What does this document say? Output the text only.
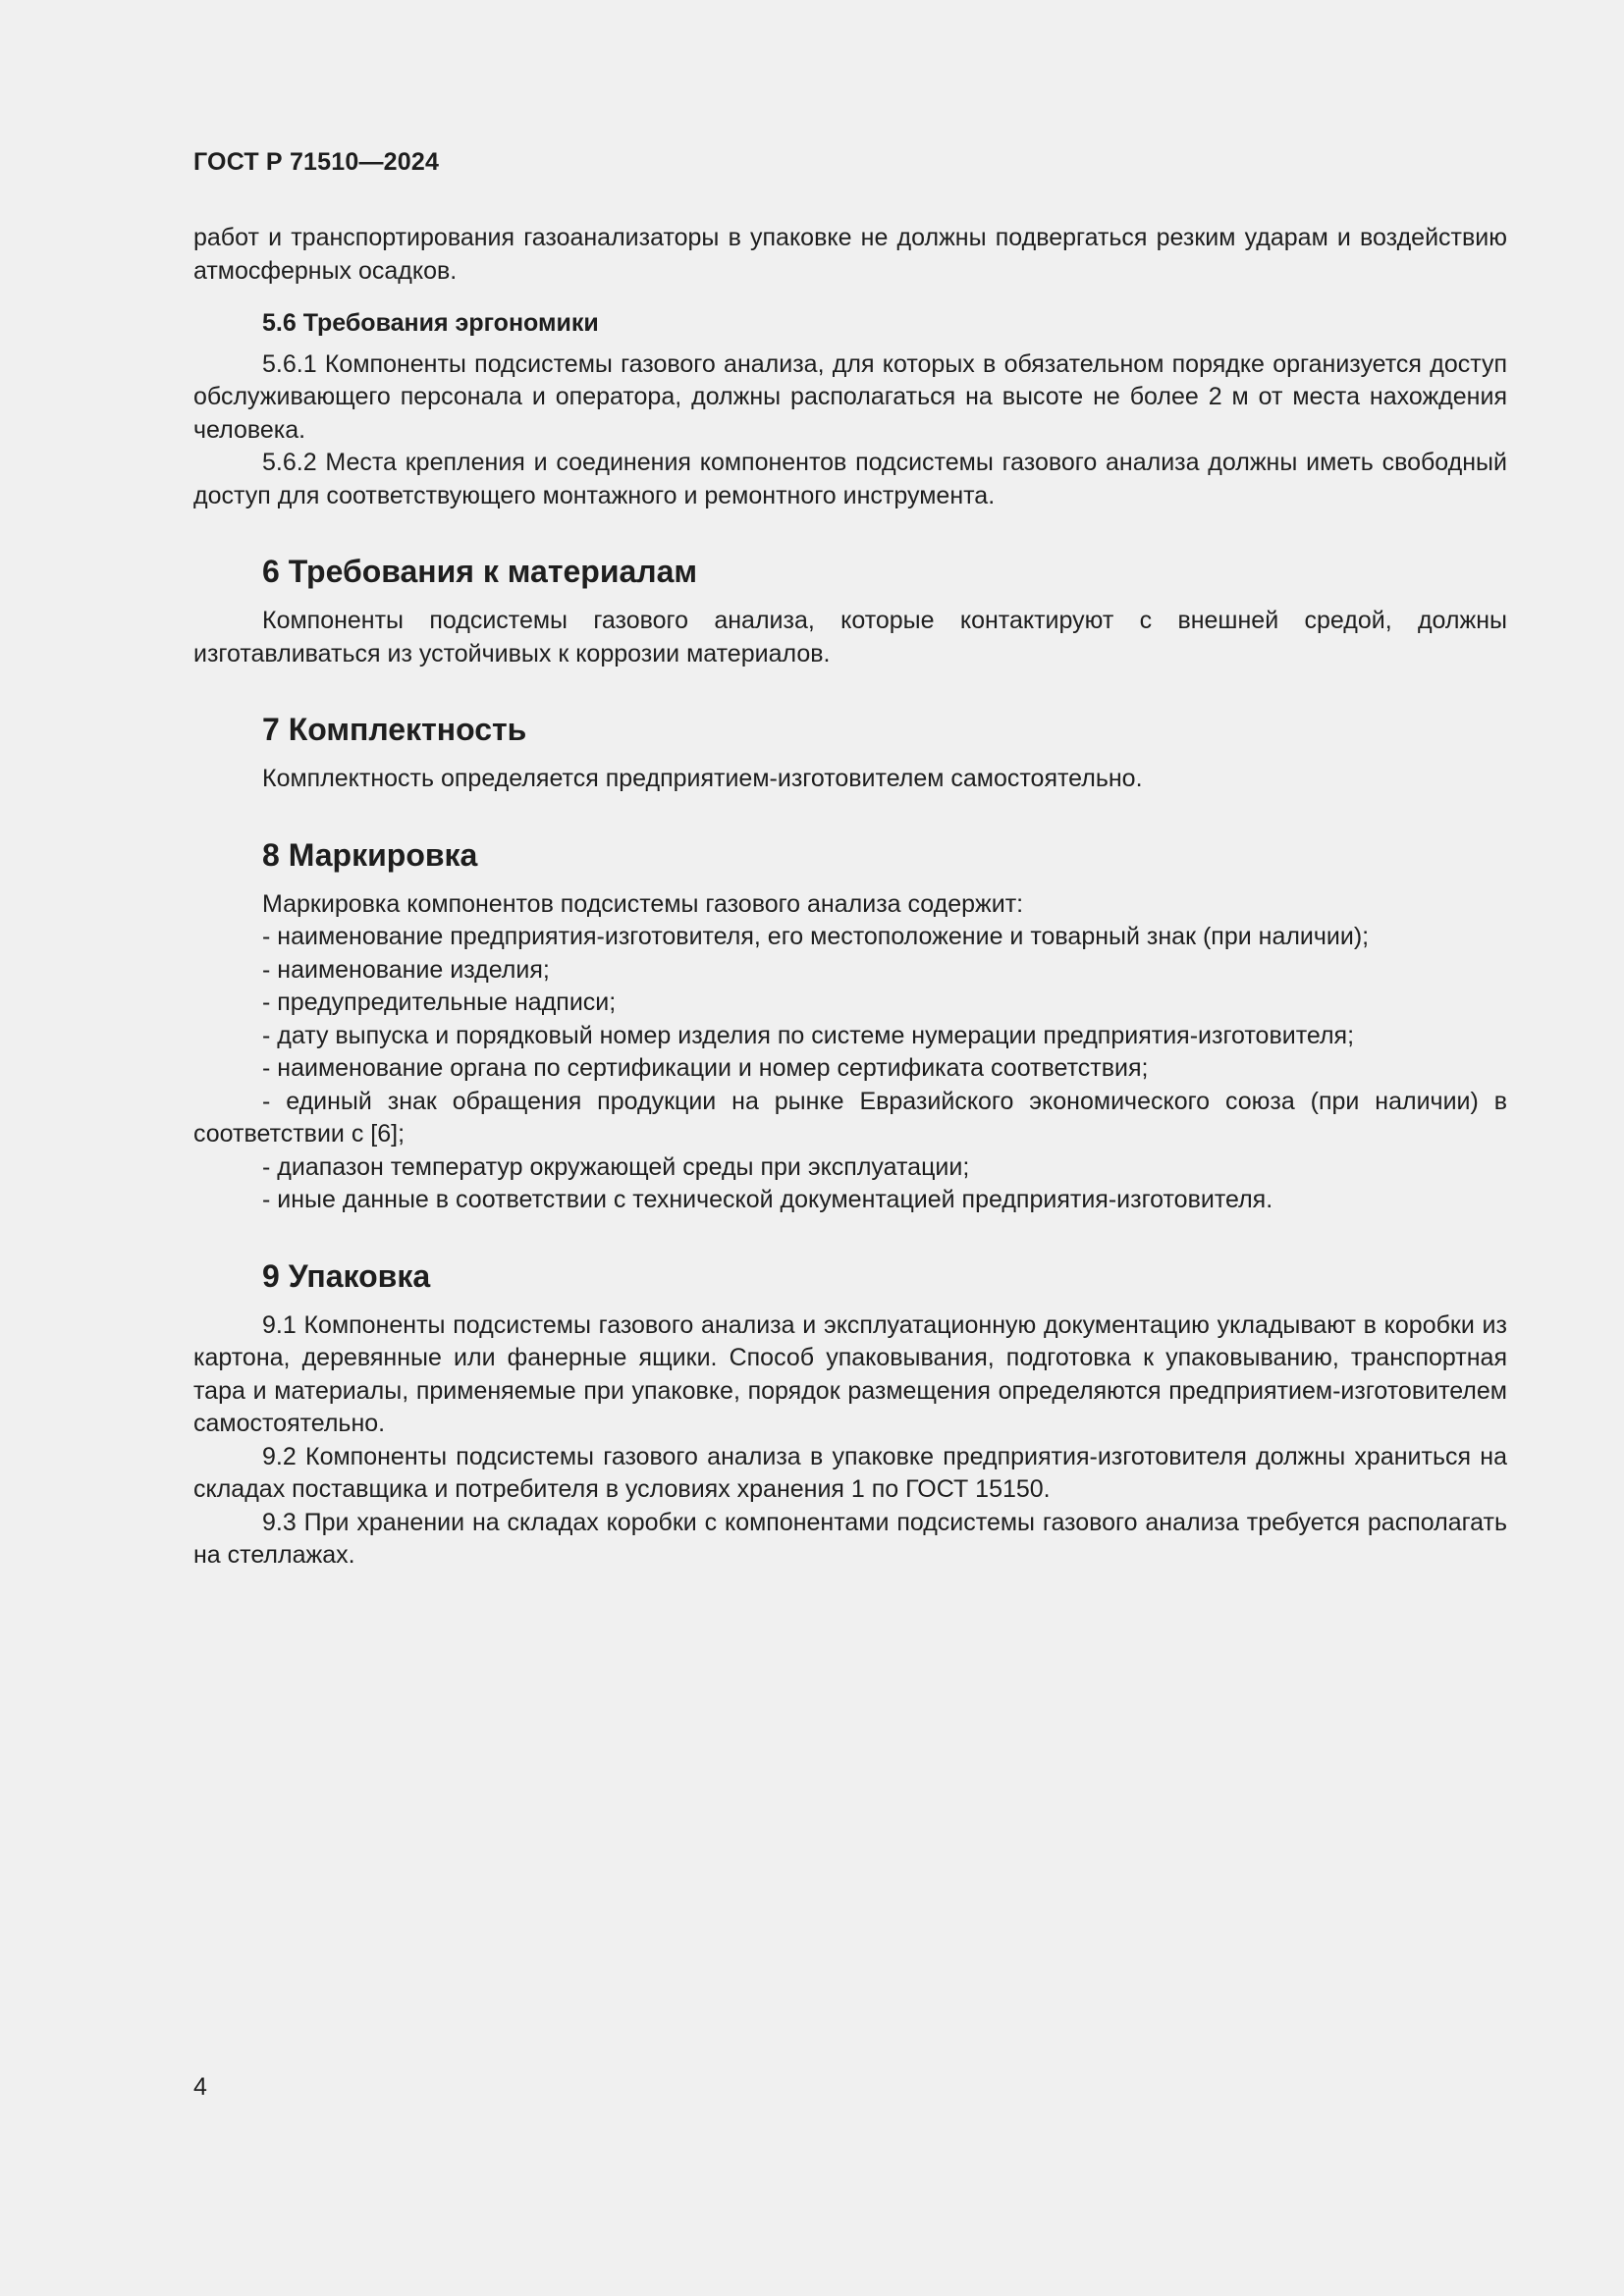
ГОСТ Р 71510—2024

работ и транспортирования газоанализаторы в упаковке не должны подвергаться резким ударам и воздействию атмосферных осадков.

5.6 Требования эргономики

5.6.1 Компоненты подсистемы газового анализа, для которых в обязательном порядке организуется доступ обслуживающего персонала и оператора, должны располагаться на высоте не более 2 м от места нахождения человека.

5.6.2 Места крепления и соединения компонентов подсистемы газового анализа должны иметь свободный доступ для соответствующего монтажного и ремонтного инструмента.

6 Требования к материалам

Компоненты подсистемы газового анализа, которые контактируют с внешней средой, должны изготавливаться из устойчивых к коррозии материалов.

7 Комплектность

Комплектность определяется предприятием-изготовителем самостоятельно.

8 Маркировка

Маркировка компонентов подсистемы газового анализа содержит:

- наименование предприятия-изготовителя, его местоположение и товарный знак (при наличии);

- наименование изделия;

- предупредительные надписи;

- дату выпуска и порядковый номер изделия по системе нумерации предприятия-изготовителя;

- наименование органа по сертификации и номер сертификата соответствия;

- единый знак обращения продукции на рынке Евразийского экономического союза (при наличии) в соответствии с [6];

- диапазон температур окружающей среды при эксплуатации;

- иные данные в соответствии с технической документацией предприятия-изготовителя.

9 Упаковка

9.1 Компоненты подсистемы газового анализа и эксплуатационную документацию укладывают в коробки из картона, деревянные или фанерные ящики. Способ упаковывания, подготовка к упаковыванию, транспортная тара и материалы, применяемые при упаковке, порядок размещения определяются предприятием-изготовителем самостоятельно.

9.2 Компоненты подсистемы газового анализа в упаковке предприятия-изготовителя должны храниться на складах поставщика и потребителя в условиях хранения 1 по ГОСТ 15150.

9.3 При хранении на складах коробки с компонентами подсистемы газового анализа требуется располагать на стеллажах.

4
